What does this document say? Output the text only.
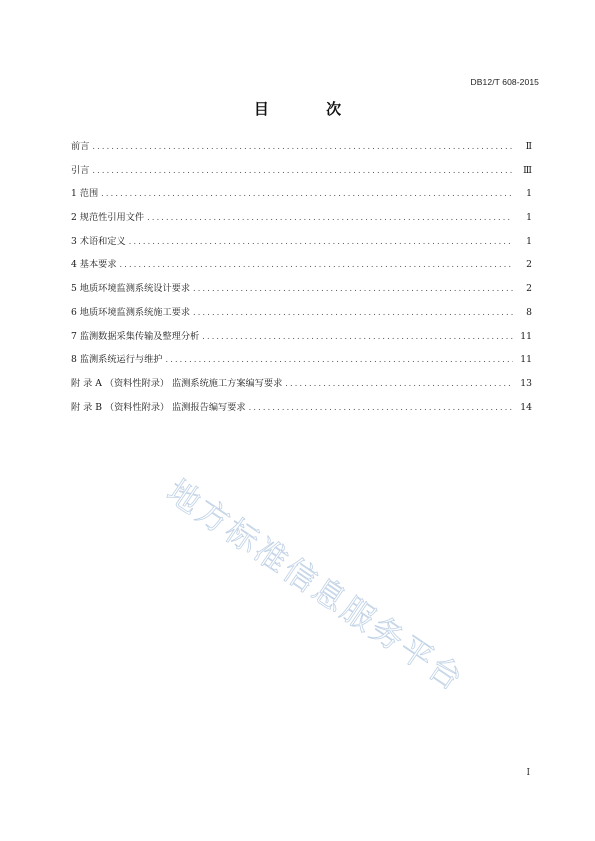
DB12/T 608-2015
目 次
前言 .....	Ⅱ
引言 .....	Ⅲ
1 范围 .....	1
2 规范性引用文件 .....	1
3 术语和定义 .....	1
4 基本要求 .....	2
5 地质环境监测系统设计要求 .....	2
6 地质环境监测系统施工要求 .....	8
7 监测数据采集传输及整理分析 .....	11
8 监测系统运行与维护 .....	11
附 录 A （资料性附录） 监测系统施工方案编写要求 .....	13
附 录 B （资料性附录） 监测报告编写要求 .....	14
地方标准信息服务平台
I
